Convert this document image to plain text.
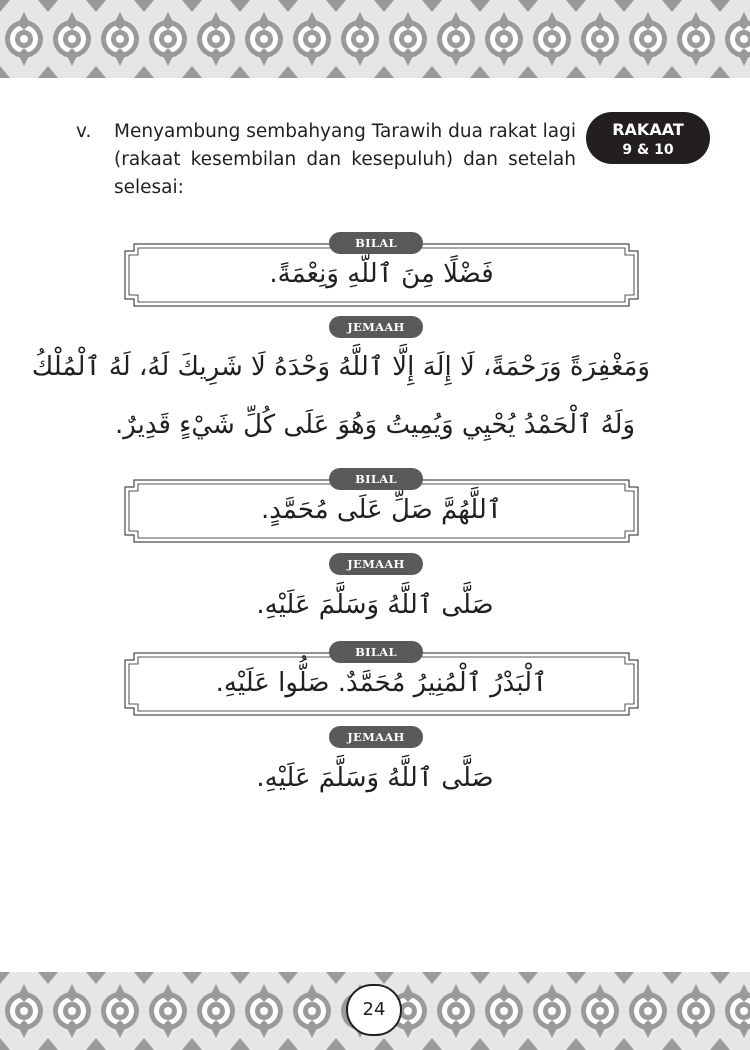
v. Menyambung sembahyang Tarawih dua rakat lagi (rakaat kesembilan dan kesepuluh) dan setelah selesai:
RAKAAT
9 & 10
فَضْلًا مِنَ ٱللَّهِ وَنِعْمَةً.
BILAL
JEMAAH
وَمَغْفِرَةً وَرَحْمَةً، لَا إِلَهَ إِلَّا ٱللَّهُ وَحْدَهُ لَا شَرِيكَ لَهُ، لَهُ ٱلْمُلْكُ
وَلَهُ ٱلْحَمْدُ يُحْيِي وَيُمِيتُ وَهُوَ عَلَى كُلِّ شَيْءٍ قَدِيرٌ.
ٱللَّهُمَّ صَلِّ عَلَى مُحَمَّدٍ.
BILAL
JEMAAH
صَلَّى ٱللَّهُ وَسَلَّمَ عَلَيْهِ.
ٱلْبَدْرُ ٱلْمُنِيرُ مُحَمَّدٌ. صَلُّوا عَلَيْهِ.
BILAL
JEMAAH
صَلَّى ٱللَّهُ وَسَلَّمَ عَلَيْهِ.
24
